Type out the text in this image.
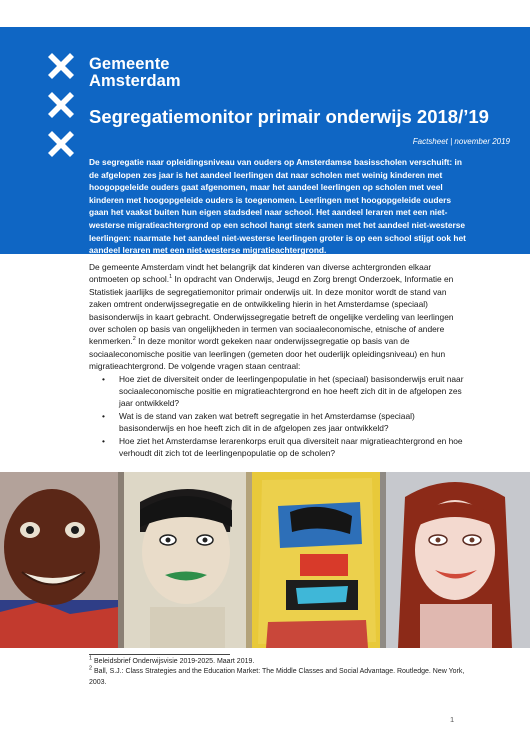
Gemeente
Amsterdam
Segregatiemonitor primair onderwijs 2018/’19
Factsheet | november 2019
De segregatie naar opleidingsniveau van ouders op Amsterdamse basisscholen verschuift: in de afgelopen zes jaar is het aandeel leerlingen dat naar scholen met weinig kinderen met hoogopgeleide ouders gaat afgenomen, maar het aandeel leerlingen op scholen met veel kinderen met hoogopgeleide ouders is toegenomen. Leerlingen met hoogopgeleide ouders gaan het vaakst buiten hun eigen stadsdeel naar school. Het aandeel leraren met een niet-westerse migratieachtergrond op een school hangt sterk samen met het aandeel niet-westerse leerlingen: naarmate het aandeel niet-westerse leerlingen groter is op een school stijgt ook het aandeel leraren met een niet-westerse migratieachtergrond.

De gemeente Amsterdam vindt het belangrijk dat kinderen van diverse achtergronden elkaar ontmoeten op school.$^1$ In opdracht van Onderwijs, Jeugd en Zorg brengt Onderzoek, Informatie en Statistiek jaarlijks de segregatiemonitor primair onderwijs uit. In deze monitor wordt de stand van zaken omtrent onderwijssegregatie en de ontwikkeling hierin in het Amsterdamse (speciaal) basisonderwijs in kaart gebracht. Onderwijssegregatie betreft de ongelijke verdeling van leerlingen over scholen op basis van ongelijkheden in termen van sociaaleconomische, etnische of andere kenmerken.$^2$ In deze monitor wordt gekeken naar onderwijssegregatie op basis van de sociaaleconomische positie van leerlingen (gemeten door het ouderlijk opleidingsniveau) en hun migratieachtergrond. De volgende vragen staan centraal:

• Hoe ziet de diversiteit onder de leerlingenpopulatie in het (speciaal) basisonderwijs eruit naar sociaaleconomische positie en migratieachtergrond en hoe heeft zich dit in de afgelopen zes jaar ontwikkeld?
• Wat is de stand van zaken wat betreft segregatie in het Amsterdamse (speciaal) basisonderwijs en hoe heeft zich dit in de afgelopen zes jaar ontwikkeld?
• Hoe ziet het Amsterdamse lerarenkorps eruit qua diversiteit naar migratieachtergrond en hoe verhoudt dit zich tot de leerlingenpopulatie op de scholen?
$^1$ Beleidsbrief Onderwijsvisie 2019-2025. Maart 2019.
$^2$ Ball, S.J.: Class Strategies and the Education Market: The Middle Classes and Social Advantage. Routledge. New York, 2003.
1
